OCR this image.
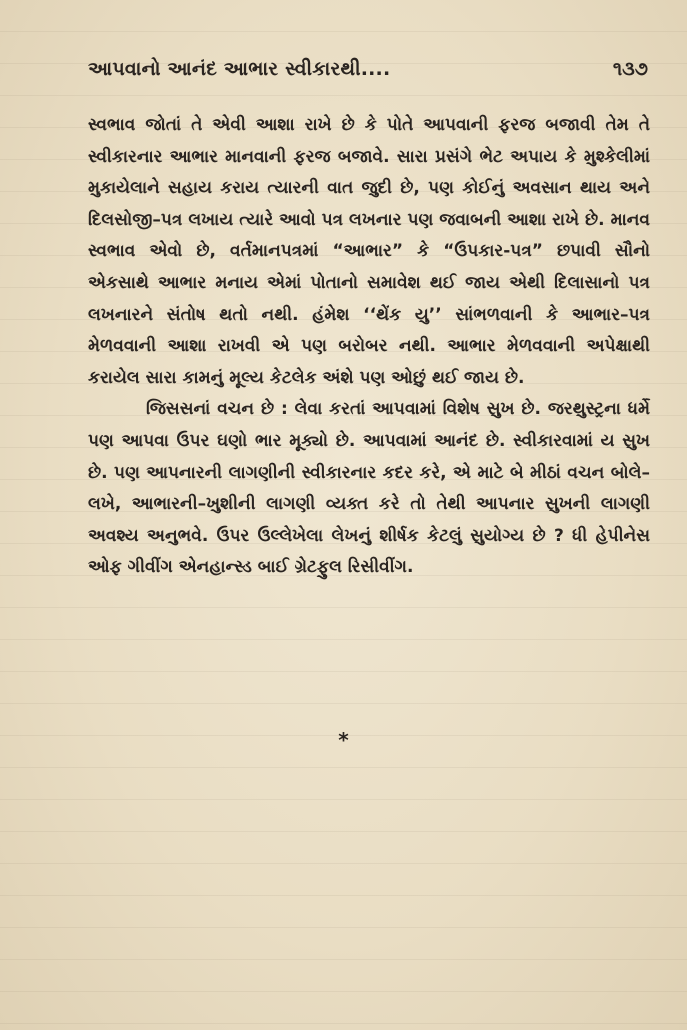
આપવાનો આનંદ આભાર સ્વીકારથી....	૧૩૭

સ્વભાવ જોતાં તે એવી આશા રાખે છે કે પોતે આપવાની ફરજ બજાવી તેમ તે સ્વીકારનાર આભાર માનવાની ફરજ બજાવે. સારા પ્રસંગે ભેટ અપાય કે મુશ્કેલીમાં મુકાયેલાને સહાય કરાય ત્યારની વાત જુદી છે, પણ કોઈનું અવસાન થાય અને દિલસોજી–પત્ર લખાય ત્યારે આવો પત્ર લખનાર પણ જવાબની આશા રાખે છે. માનવ સ્વભાવ એવો છે, વર્તમાનપત્રમાં “આભાર” કે “ઉપકાર-પત્ર” છપાવી સૌનો એકસાથે આભાર મનાય એમાં પોતાનો સમાવેશ થઈ જાય એથી દિલાસાનો પત્ર લખનારને સંતોષ થતો નથી. હંમેશ ‘‘થેંક યુ’’ સાંભળવાની કે આભાર–પત્ર મેળવવાની આશા રાખવી એ પણ બરોબર નથી. આભાર મેળવવાની અપેક્ષાથી કરાયેલ સારા કામનું મૂલ્ય કેટલેક અંશે પણ ઓછું થઈ જાય છે.

જિસસનાં વચન છે : લેવા કરતાં આપવામાં વિશેષ સુખ છે. જરથુસ્ટ્રના ધર્મે પણ આપવા ઉપર ઘણો ભાર મૂક્યો છે. આપવામાં આનંદ છે. સ્વીકારવામાં ય સુખ છે. પણ આપનારની લાગણીની સ્વીકારનાર કદર કરે, એ માટે બે મીઠાં વચન બોલે–લખે, આભારની–ખુશીની લાગણી વ્યક્ત કરે તો તેથી આપનાર સુખની લાગણી અવશ્ય અનુભવે. ઉપર ઉલ્લેખેલા લેખનું શીર્ષક કેટલું સુયોગ્ય છે ? ધી હેપીનેસ ઓફ ગીવીંગ એનહાન્સ્ડ બાઈ ગ્રેટફુલ રિસીવીંગ.

*
